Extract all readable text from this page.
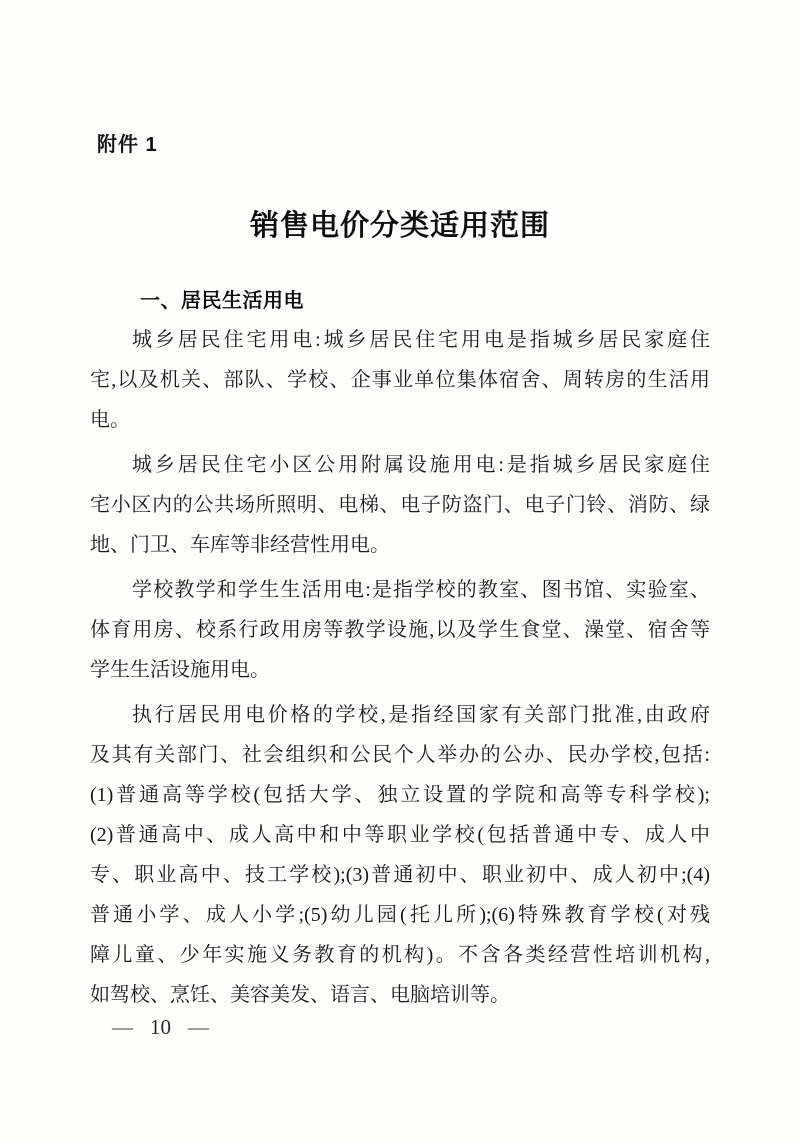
附件 1
销售电价分类适用范围
一、居民生活用电
城乡居民住宅用电:城乡居民住宅用电是指城乡居民家庭住
宅,以及机关、部队、学校、企事业单位集体宿舍、周转房的生活用
电。
城乡居民住宅小区公用附属设施用电:是指城乡居民家庭住
宅小区内的公共场所照明、电梯、电子防盗门、电子门铃、消防、绿
地、门卫、车库等非经营性用电。
学校教学和学生生活用电:是指学校的教室、图书馆、实验室、
体育用房、校系行政用房等教学设施,以及学生食堂、澡堂、宿舍等
学生生活设施用电。
执行居民用电价格的学校,是指经国家有关部门批准,由政府
及其有关部门、社会组织和公民个人举办的公办、民办学校,包括:
(1)普通高等学校(包括大学、独立设置的学院和高等专科学校);
(2)普通高中、成人高中和中等职业学校(包括普通中专、成人中
专、职业高中、技工学校);(3)普通初中、职业初中、成人初中;(4)
普通小学、成人小学;(5)幼儿园(托儿所);(6)特殊教育学校(对残
障儿童、少年实施义务教育的机构)。不含各类经营性培训机构,
如驾校、烹饪、美容美发、语言、电脑培训等。
— 10 —
